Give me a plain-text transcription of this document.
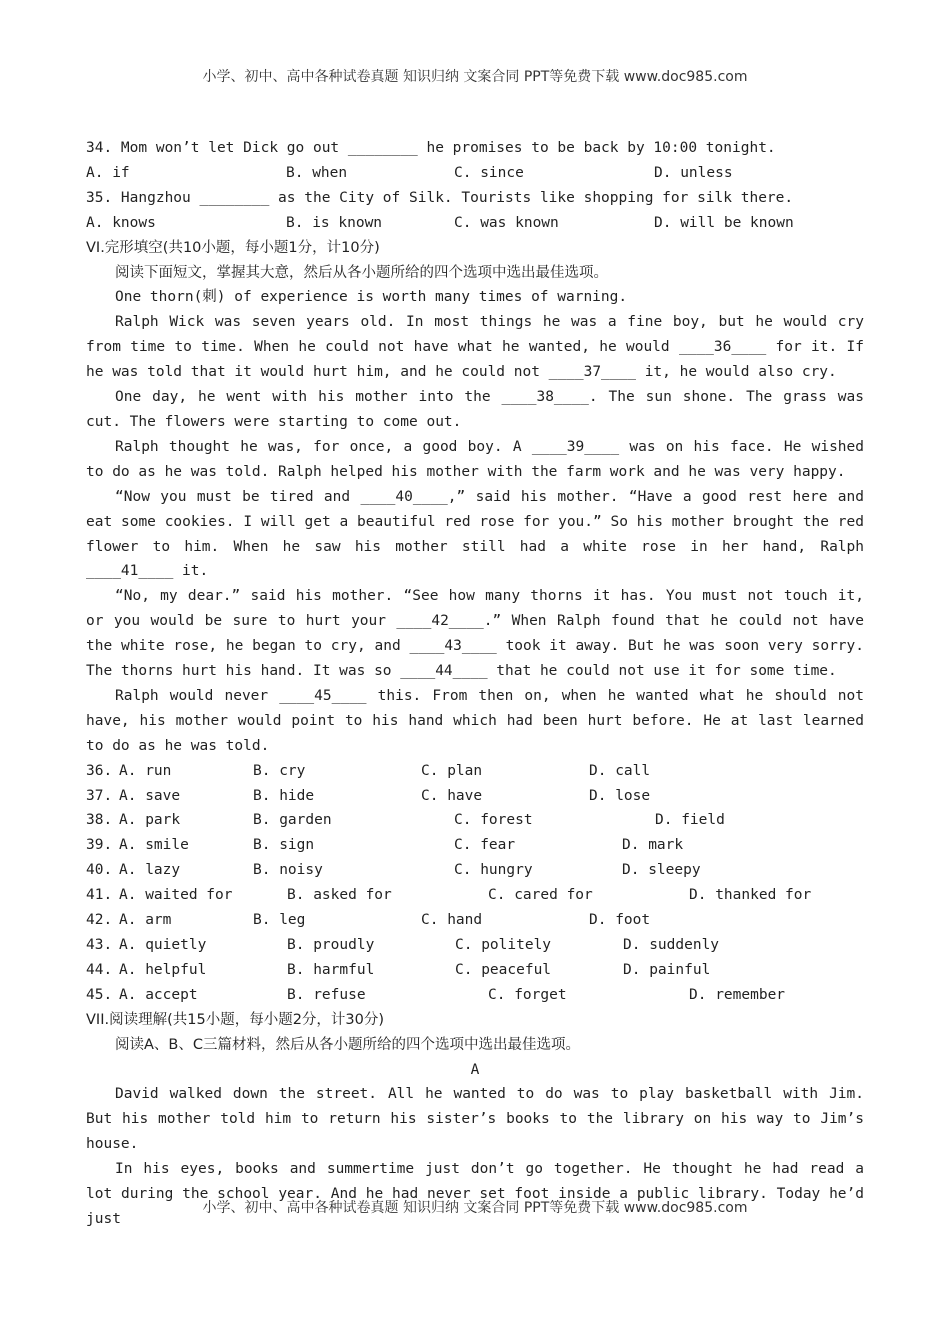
小学、初中、高中各种试卷真题 知识归纳 文案合同 PPT等免费下载 www.doc985.com
34. Mom won’t let Dick go out ________ he promises to be back by 10:00 tonight.
A. if	B. when	C. since	D. unless
35. Hangzhou ________ as the City of Silk. Tourists like shopping for silk there.
A. knows	B. is known	C. was known	D. will be known
VI.完形填空(共10小题，每小题1分，计10分)
阅读下面短文，掌握其大意，然后从各小题所给的四个选项中选出最佳选项。
One thorn(刺) of experience is worth many times of warning.
Ralph Wick was seven years old. In most things he was a fine boy, but he would cry from time to time. When he could not have what he wanted, he would ____36____ for it. If he was told that it would hurt him, and he could not ____37____ it, he would also cry.
One day, he went with his mother into the ____38____. The sun shone. The grass was cut. The flowers were starting to come out.
Ralph thought he was, for once, a good boy. A ____39____ was on his face. He wished to do as he was told. Ralph helped his mother with the farm work and he was very happy.
“Now you must be tired and ____40____,” said his mother. “Have a good rest here and eat some cookies. I will get a beautiful red rose for you.” So his mother brought the red flower to him. When he saw his mother still had a white rose in her hand, Ralph ____41____ it.
“No, my dear.” said his mother. “See how many thorns it has. You must not touch it, or you would be sure to hurt your ____42____.” When Ralph found that he could not have the white rose, he began to cry, and ____43____ took it away. But he was soon very sorry. The thorns hurt his hand. It was so ____44____ that he could not use it for some time.
Ralph would never ____45____ this. From then on, when he wanted what he should not have, his mother would point to his hand which had been hurt before. He at last learned to do as he was told.
36. A. run	B. cry	C. plan	D. call
37. A. save	B. hide	C. have	D. lose
38. A. park	B. garden	C. forest	D. field
39. A. smile	B. sign	C. fear	D. mark
40. A. lazy	B. noisy	C. hungry	D. sleepy
41. A. waited for	B. asked for	C. cared for	D. thanked for
42. A. arm	B. leg	C. hand	D. foot
43. A. quietly	B. proudly	C. politely	D. suddenly
44. A. helpful	B. harmful	C. peaceful	D. painful
45. A. accept	B. refuse	C. forget	D. remember
VII.阅读理解(共15小题，每小题2分，计30分)
阅读A、B、C三篇材料，然后从各小题所给的四个选项中选出最佳选项。
A
David walked down the street. All he wanted to do was to play basketball with Jim. But his mother told him to return his sister’s books to the library on his way to Jim’s house.
In his eyes, books and summertime just don’t go together. He thought he had read a lot during the school year. And he had never set foot inside a public library. Today he’d just
小学、初中、高中各种试卷真题 知识归纳 文案合同 PPT等免费下载 www.doc985.com
